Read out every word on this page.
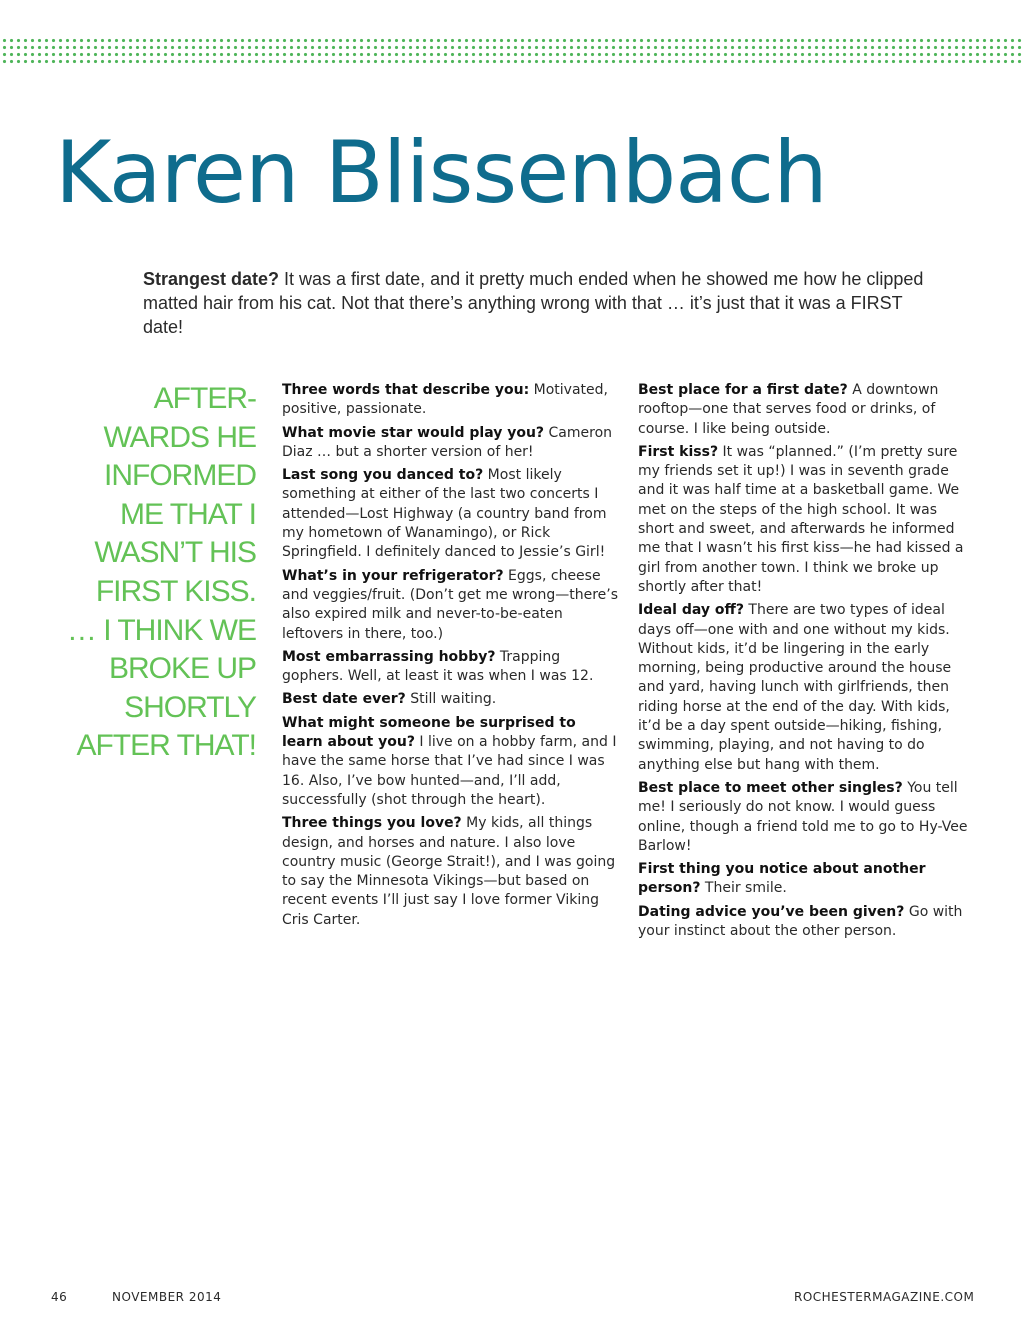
Karen Blissenbach

Strangest date? It was a first date, and it pretty much ended when he showed me how he clipped matted hair from his cat. Not that there’s anything wrong with that … it’s just that it was a FIRST date!

AFTER-WARDS HE INFORMED ME THAT I WASN’T HIS FIRST KISS. … I THINK WE BROKE UP SHORTLY AFTER THAT!

Three words that describe you: Motivated, positive, passionate.

What movie star would play you? Cameron Diaz … but a shorter version of her!

Last song you danced to? Most likely something at either of the last two concerts I attended—Lost Highway (a country band from my hometown of Wanamingo), or Rick Springfield. I definitely danced to Jessie’s Girl!

What’s in your refrigerator? Eggs, cheese and veggies/fruit. (Don’t get me wrong—there’s also expired milk and never-to-be-eaten leftovers in there, too.)

Most embarrassing hobby? Trapping gophers. Well, at least it was when I was 12.

Best date ever? Still waiting.

What might someone be surprised to learn about you? I live on a hobby farm, and I have the same horse that I’ve had since I was 16. Also, I’ve bow hunted—and, I’ll add, successfully (shot through the heart).

Three things you love? My kids, all things design, and horses and nature. I also love country music (George Strait!), and I was going to say the Minnesota Vikings—but based on recent events I’ll just say I love former Viking Cris Carter.

Best place for a first date? A downtown rooftop—one that serves food or drinks, of course. I like being outside.

First kiss? It was “planned.” (I’m pretty sure my friends set it up!) I was in seventh grade and it was half time at a basketball game. We met on the steps of the high school. It was short and sweet, and afterwards he informed me that I wasn’t his first kiss—he had kissed a girl from another town. I think we broke up shortly after that!

Ideal day off? There are two types of ideal days off—one with and one without my kids. Without kids, it’d be lingering in the early morning, being productive around the house and yard, having lunch with girlfriends, then riding horse at the end of the day. With kids, it’d be a day spent outside—hiking, fishing, swimming, playing, and not having to do anything else but hang with them.

Best place to meet other singles? You tell me! I seriously do not know. I would guess online, though a friend told me to go to Hy-Vee Barlow!

First thing you notice about another person? Their smile.

Dating advice you’ve been given? Go with your instinct about the other person.

46	NOVEMBER 2014	ROCHESTERMAGAZINE.COM
